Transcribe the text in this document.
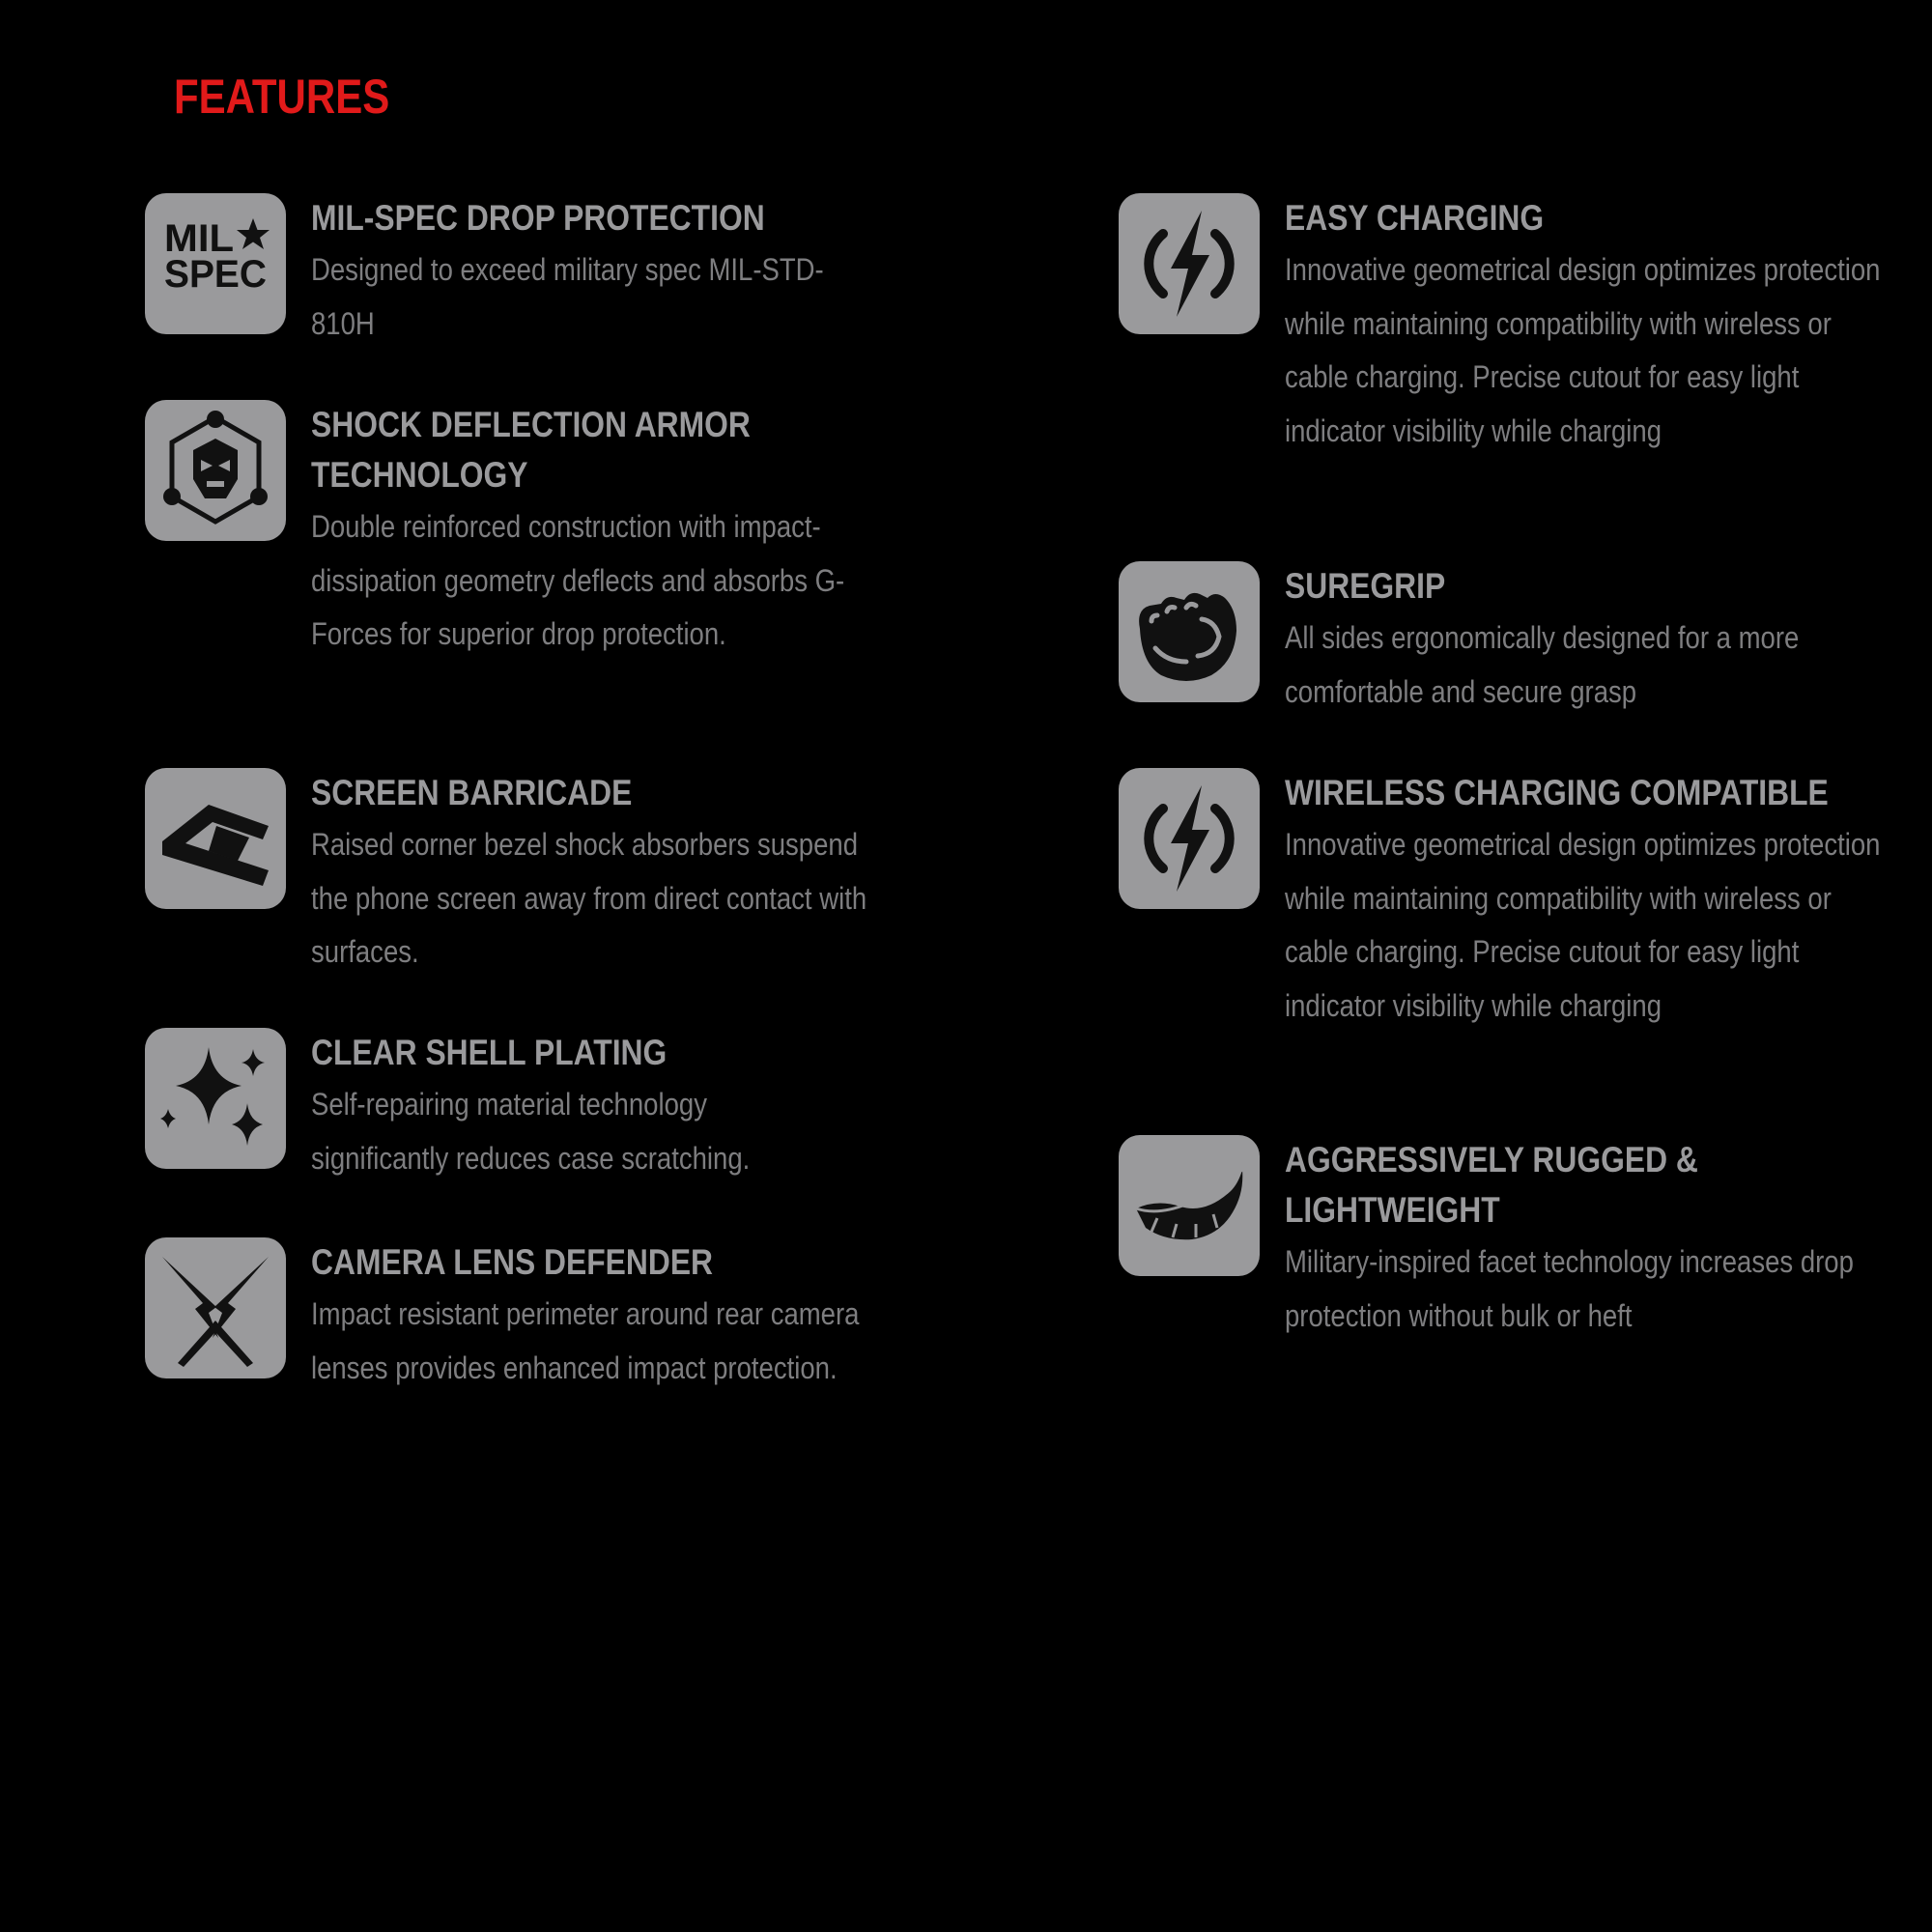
FEATURES
MIL
SPEC
MIL-SPEC DROP PROTECTION

Designed to exceed military spec MIL-STD-810H

SHOCK DEFLECTION ARMOR TECHNOLOGY

Double reinforced construction with impact-dissipation geometry deflects and absorbs G-Forces for superior drop protection.

SCREEN BARRICADE

Raised corner bezel shock absorbers suspend the phone screen away from direct contact with surfaces.

CLEAR SHELL PLATING

Self-repairing material technology significantly reduces case scratching.

CAMERA LENS DEFENDER

Impact resistant perimeter around rear camera lenses provides enhanced impact protection.

EASY CHARGING

Innovative geometrical design optimizes protection while maintaining compatibility with wireless or cable charging. Precise cutout for easy light indicator visibility while charging

SUREGRIP

All sides ergonomically designed for a more comfortable and secure grasp

WIRELESS CHARGING COMPATIBLE

Innovative geometrical design optimizes protection while maintaining compatibility with wireless or cable charging. Precise cutout for easy light indicator visibility while charging

AGGRESSIVELY RUGGED & LIGHTWEIGHT

Military-inspired facet technology increases drop protection without bulk or heft
